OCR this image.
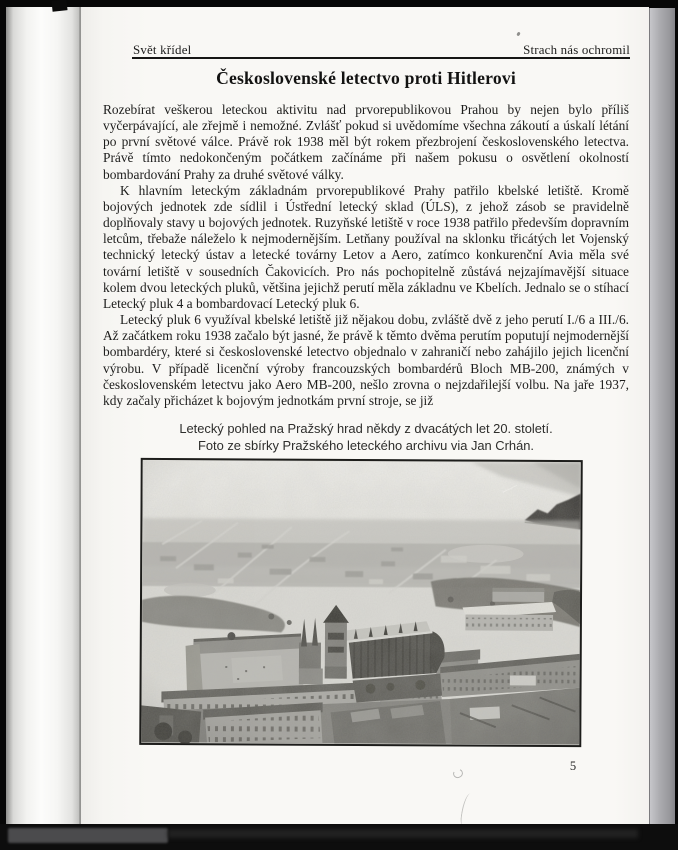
Svět křídel	Strach nás ochromil
Československé letectvo proti Hitlerovi

Rozebírat veškerou leteckou aktivitu nad prvorepublikovou Prahou by nejen bylo příliš vyčerpávající, ale zřejmě i nemožné. Zvlášť pokud si uvědomíme všechna zákoutí a úskalí létání po první světové válce. Právě rok 1938 měl být rokem přezbrojení československého letectva. Právě tímto nedokončeným počátkem začínáme při našem pokusu o osvětlení okolností bombardování Prahy za druhé světové války.

K hlavním leteckým základnám prvorepublikové Prahy patřilo kbelské letiště. Kromě bojových jednotek zde sídlil i Ústřední letecký sklad (ÚLS), z jehož zásob se pravidelně doplňovaly stavy u bojových jednotek. Ruzyňské letiště v roce 1938 patřilo především dopravním letcům, třebaže náleželo k nejmodernějším. Letňany používal na sklonku třicátých let Vojenský technický letecký ústav a letecké továrny Letov a Aero, zatímco konkurenční Avia měla své tovární letiště v sousedních Čakovicích. Pro nás pochopitelně zůstává nejzajímavější situace kolem dvou leteckých pluků, většina jejichž perutí měla základnu ve Kbelích. Jednalo se o stíhací Letecký pluk 4 a bombardovací Letecký pluk 6.

Letecký pluk 6 využíval kbelské letiště již nějakou dobu, zvláště dvě z jeho perutí I./6 a III./6. Až začátkem roku 1938 začalo být jasné, že právě k těmto dvěma perutím poputují nejmodernější bombardéry, které si československé letectvo objednalo v zahraničí nebo zahájilo jejich licenční výrobu. V případě licenční výroby francouzských bombardérů Bloch MB-200, známých v československém letectvu jako Aero MB-200, nešlo zrovna o nejzdařilejší volbu. Na jaře 1937, kdy začaly přicházet k bojovým jednotkám první stroje, se již

Letecký pohled na Pražský hrad někdy z dvacátých let 20. století.
Foto ze sbírky Pražského leteckého archivu via Jan Crhán.
5
